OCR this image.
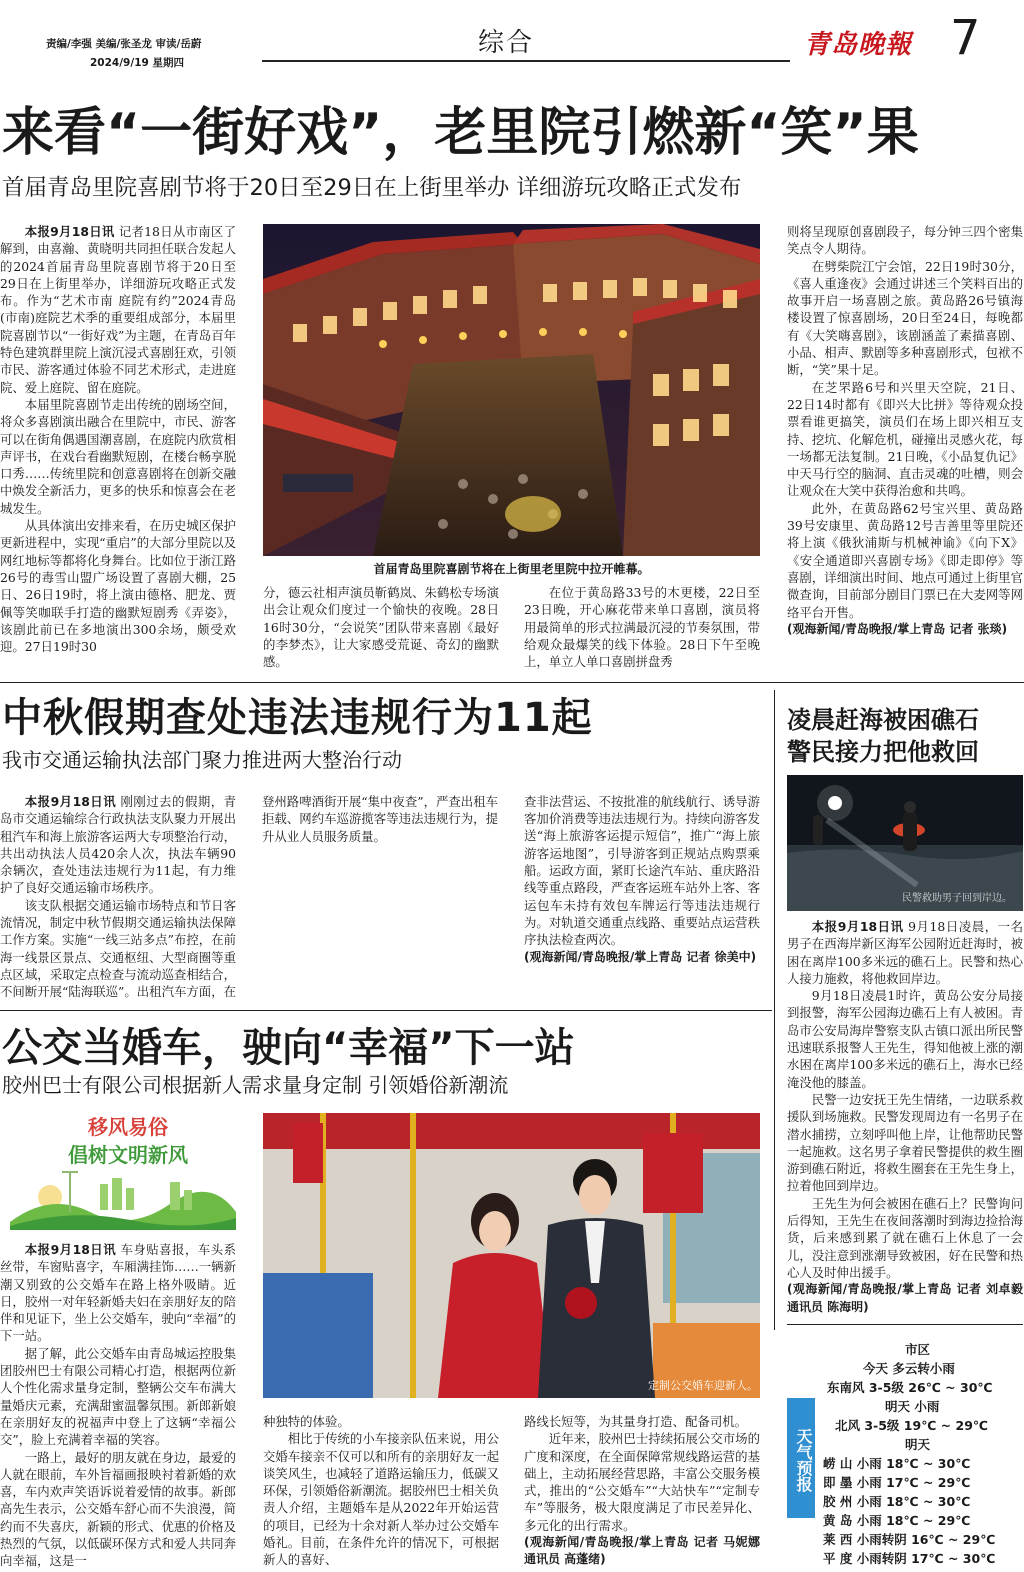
责编/李强 美编/张圣龙 审读/岳蔚
2024/9/19 星期四
综合	青岛晚報 7
来看“一街好戏”，老里院引燃新“笑”果
首届青岛里院喜剧节将于20日至29日在上街里举办 详细游玩攻略正式发布

本报9月18日讯 记者18日从市南区了解到，由喜瀚、黄晓明共同担任联合发起人的2024首届青岛里院喜剧节将于20日至29日在上街里举办，详细游玩攻略正式发布。作为“艺术市南 庭院有约”2024青岛(市南)庭院艺术季的重要组成部分，本届里院喜剧节以“一街好戏”为主题，在青岛百年特色建筑群里院上演沉浸式喜剧狂欢，引领市民、游客通过体验不同艺术形式，走进庭院、爱上庭院、留在庭院。

本届里院喜剧节走出传统的剧场空间，将众多喜剧演出融合在里院中，市民、游客可以在街角偶遇国潮喜剧，在庭院内欣赏相声评书，在戏台看幽默短剧，在楼台畅享脱口秀……传统里院和创意喜剧将在创新交融中焕发全新活力，更多的快乐和惊喜会在老城发生。

从具体演出安排来看，在历史城区保护更新进程中，实现“重启”的大部分里院以及网红地标等都将化身舞台。比如位于浙江路26号的毒雪山盟广场设置了喜剧大棚，25日、26日19时，将上演由德格、肥龙、贾佩等笑咖联手打造的幽默短剧秀《弄姿》，该剧此前已在多地演出300余场，颇受欢迎。27日19时30

首届青岛里院喜剧节将在上街里老里院中拉开帷幕。

分，德云社相声演员靳鹤岚、朱鹤松专场演出会让观众们度过一个愉快的夜晚。28日16时30分，“会说笑”团队带来喜剧《最好的李梦杰》，让大家感受荒诞、奇幻的幽默感。

在位于黄岛路33号的木更楼，22日至23日晚，开心麻花带来单口喜剧，演员将用最简单的形式拉满最沉浸的节奏氛围，带给观众最爆笑的线下体验。28日下午至晚上，单立人单口喜剧拼盘秀

则将呈现原创喜剧段子，每分钟三四个密集笑点令人期待。

在劈柴院江宁会馆，22日19时30分，《喜人重逢夜》会通过讲述三个笑料百出的故事开启一场喜剧之旅。黄岛路26号镇海楼设置了惊喜剧场，20日至24日，每晚都有《大笑嗨喜剧》，该剧涵盖了素描喜剧、小品、相声、默剧等多种喜剧形式，包袱不断，“笑”果十足。

在芝罘路6号和兴里天空院，21日、22日14时都有《即兴大比拼》等待观众投票看谁更搞笑，演员们在场上即兴相互支持、挖坑、化解危机，碰撞出灵感火花，每一场都无法复制。21日晚，《小品复仇记》中天马行空的脑洞、直击灵魂的吐槽，则会让观众在大笑中获得治愈和共鸣。

此外，在黄岛路62号宝兴里、黄岛路39号安康里、黄岛路12号吉善里等里院还将上演《俄狄浦斯与机械神谕》《向下X》《安全通道即兴喜剧专场》《即走即停》等喜剧，详细演出时间、地点可通过上街里官微查询，目前部分剧目门票已在大麦网等网络平台开售。

(观海新闻/青岛晚报/掌上青岛 记者 张琰)

中秋假期查处违法违规行为11起
我市交通运输执法部门聚力推进两大整治行动

本报9月18日讯 刚刚过去的假期，青岛市交通运输综合行政执法支队聚力开展出租汽车和海上旅游客运两大专项整治行动，共出动执法人员420余人次，执法车辆90余辆次，查处违法违规行为11起，有力维护了良好交通运输市场秩序。

该支队根据交通运输市场特点和节日客流情况，制定中秋节假期交通运输执法保障工作方案。实施“一线三站多点”布控，在前海一线景区景点、交通枢纽、大型商圈等重点区域，采取定点检查与流动巡查相结合，不间断开展“陆海联巡”。出租汽车方面，在

登州路啤酒街开展“集中夜查”，严查出租车拒载、网约车巡游揽客等违法违规行为，提升从业人员服务质量。

查非法营运、不按批准的航线航行、诱导游客加价消费等违法违规行为。持续向游客发送“海上旅游客运提示短信”，推广“海上旅游客运地图”，引导游客到正规站点购票乘船。运政方面，紧盯长途汽车站、重庆路沿线等重点路段，严查客运班车站外上客、客运包车未持有效包车牌运行等违法违规行为。对轨道交通重点线路、重要站点运营秩序执法检查两次。

(观海新闻/青岛晚报/掌上青岛 记者 徐美中)

凌晨赶海被困礁石
警民接力把他救回
民警救助男子回到岸边。

本报9月18日讯 9月18日凌晨，一名男子在西海岸新区海军公园附近赶海时，被困在离岸100多米远的礁石上。民警和热心人接力施救，将他救回岸边。

9月18日凌晨1时许，黄岛公安分局接到报警，海军公园海边礁石上有人被困。青岛市公安局海岸警察支队古镇口派出所民警迅速联系报警人王先生，得知他被上涨的潮水困在离岸100多米远的礁石上，海水已经淹没他的膝盖。

民警一边安抚王先生情绪，一边联系救援队到场施救。民警发现周边有一名男子在潜水捕捞，立刻呼叫他上岸，让他帮助民警一起施救。这名男子拿着民警提供的救生圈游到礁石附近，将救生圈套在王先生身上，拉着他回到岸边。

王先生为何会被困在礁石上？民警询问后得知，王先生在夜间落潮时到海边捡拾海货，后来感到累了就在礁石上休息了一会儿，没注意到涨潮导致被困，好在民警和热心人及时伸出援手。

(观海新闻/青岛晚报/掌上青岛 记者 刘卓毅 通讯员 陈海明)

公交当婚车，驶向“幸福”下一站
胶州巴士有限公司根据新人需求量身定制 引领婚俗新潮流
移风易俗
倡树文明新风

本报9月18日讯 车身贴喜报，车头系丝带，车窗贴喜字，车厢满挂饰……一辆新潮又别致的公交婚车在路上格外吸睛。近日，胶州一对年轻新婚夫妇在亲朋好友的陪伴和见证下，坐上公交婚车，驶向“幸福”的下一站。

据了解，此公交婚车由青岛城运控股集团胶州巴士有限公司精心打造，根据两位新人个性化需求量身定制，整辆公交车布满大量婚庆元素，充满甜蜜温馨氛围。新郎新娘在亲朋好友的祝福声中登上了这辆“幸福公交”，脸上充满着幸福的笑容。

一路上，最好的朋友就在身边，最爱的人就在眼前，车外旨福画报映衬着新婚的欢喜，车内欢声笑语诉说着爱情的故事。新郎高先生表示，公交婚车舒心而不失浪漫，简约而不失喜庆，新颖的形式、优惠的价格及热烈的气氛，以低碳环保方式和爱人共同奔向幸福，这是一

定制公交婚车迎新人。

种独特的体验。

相比于传统的小车接亲队伍来说，用公交婚车接亲不仅可以和所有的亲朋好友一起谈笑风生，也减轻了道路运输压力，低碳又环保，引领婚俗新潮流。据胶州巴士相关负责人介绍，主题婚车是从2022年开始运营的项目，已经为十余对新人举办过公交婚车婚礼。目前，在条件允许的情况下，可根据新人的喜好、

路线长短等，为其量身打造、配备司机。

近年来，胶州巴士持续拓展公交市场的广度和深度，在全面保障常规线路运营的基础上，主动拓展经营思路，丰富公交服务模式，推出的“公交婚车”“大站快车”“定制专车”等服务，极大限度满足了市民差异化、多元化的出行需求。

(观海新闻/青岛晚报/掌上青岛 记者 马妮娜 通讯员 高蓬绪)

天气预报
市区
今天 多云转小雨
东南风 3-5级 26℃ ~ 30℃
明天 小雨
北风 3-5级 19℃ ~ 29℃
明天
崂 山 小雨 18℃ ~ 30℃
即 墨 小雨 17℃ ~ 29℃
胶 州 小雨 18℃ ~ 30℃
黄 岛 小雨 18℃ ~ 29℃
莱 西 小雨转阴 16℃ ~ 29℃
平 度 小雨转阴 17℃ ~ 30℃
